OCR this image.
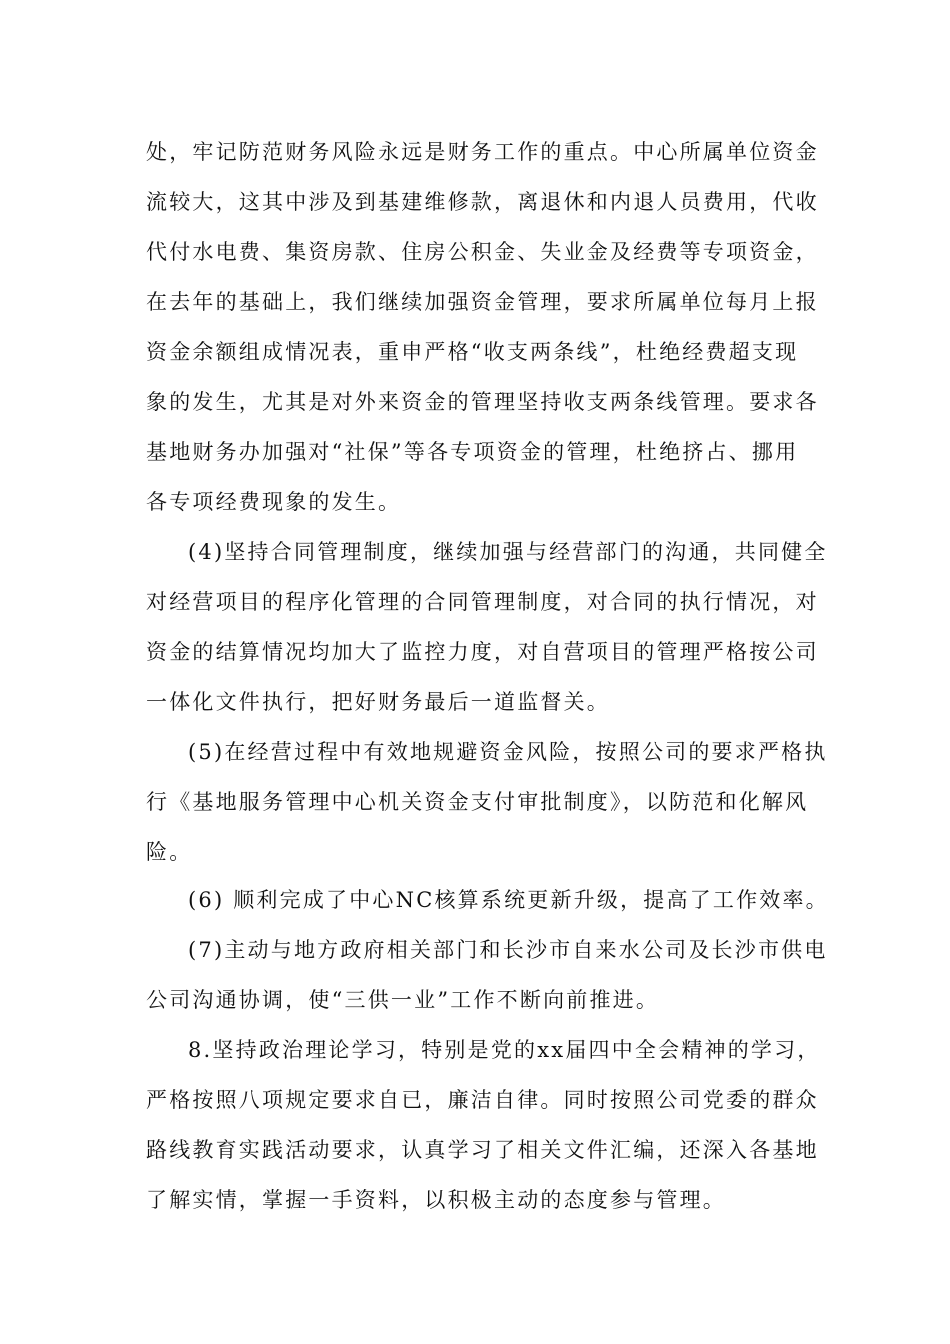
处，牢记防范财务风险永远是财务工作的重点。中心所属单位资金
流较大，这其中涉及到基建维修款，离退休和内退人员费用，代收
代付水电费、集资房款、住房公积金、失业金及经费等专项资金，
在去年的基础上，我们继续加强资金管理，要求所属单位每月上报
资金余额组成情况表，重申严格“收支两条线”，杜绝经费超支现
象的发生，尤其是对外来资金的管理坚持收支两条线管理。要求各
基地财务办加强对“社保”等各专项资金的管理，杜绝挤占、挪用
各专项经费现象的发生。
(4)坚持合同管理制度，继续加强与经营部门的沟通，共同健全
对经营项目的程序化管理的合同管理制度，对合同的执行情况，对
资金的结算情况均加大了监控力度，对自营项目的管理严格按公司
一体化文件执行，把好财务最后一道监督关。
(5)在经营过程中有效地规避资金风险，按照公司的要求严格执
行《基地服务管理中心机关资金支付审批制度》，以防范和化解风
险。
(6) 顺利完成了中心NC核算系统更新升级，提高了工作效率。
(7)主动与地方政府相关部门和长沙市自来水公司及长沙市供电
公司沟通协调，使“三供一业”工作不断向前推进。
8.坚持政治理论学习，特别是党的xx届四中全会精神的学习，
严格按照八项规定要求自已，廉洁自律。同时按照公司党委的群众
路线教育实践活动要求，认真学习了相关文件汇编，还深入各基地
了解实情，掌握一手资料，以积极主动的态度参与管理。
